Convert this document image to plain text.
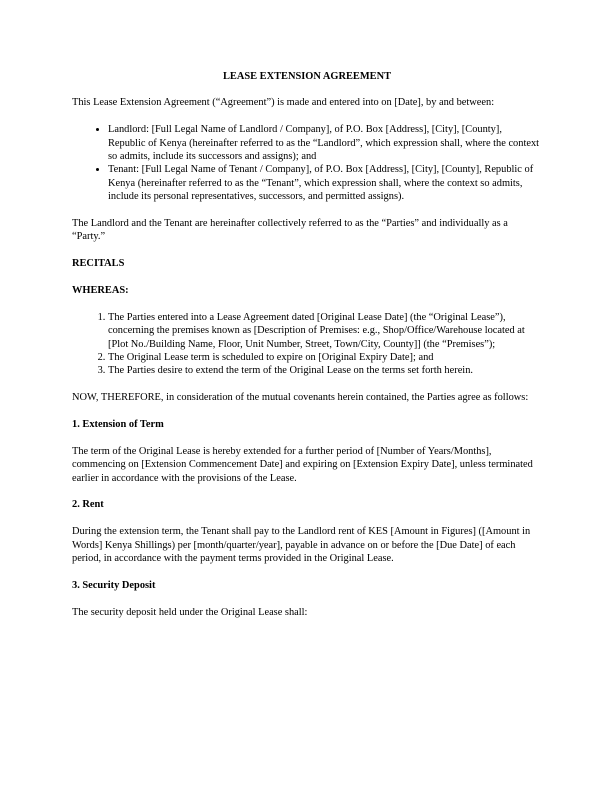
LEASE EXTENSION AGREEMENT

This Lease Extension Agreement (“Agreement”) is made and entered into on [Date], by and between:

• Landlord: [Full Legal Name of Landlord / Company], of P.O. Box [Address], [City], [County], Republic of Kenya (hereinafter referred to as the “Landlord”, which expression shall, where the context so admits, include its successors and assigns); and
• Tenant: [Full Legal Name of Tenant / Company], of P.O. Box [Address], [City], [County], Republic of Kenya (hereinafter referred to as the “Tenant”, which expression shall, where the context so admits, include its personal representatives, successors, and permitted assigns).

The Landlord and the Tenant are hereinafter collectively referred to as the “Parties” and individually as a “Party.”

RECITALS
WHEREAS:
1. The Parties entered into a Lease Agreement dated [Original Lease Date] (the “Original Lease”), concerning the premises known as [Description of Premises: e.g., Shop/Office/Warehouse located at [Plot No./Building Name, Floor, Unit Number, Street, Town/City, County]] (the “Premises”);
2. The Original Lease term is scheduled to expire on [Original Expiry Date]; and
3. The Parties desire to extend the term of the Original Lease on the terms set forth herein.

NOW, THEREFORE, in consideration of the mutual covenants herein contained, the Parties agree as follows:

1. Extension of Term

The term of the Original Lease is hereby extended for a further period of [Number of Years/Months], commencing on [Extension Commencement Date] and expiring on [Extension Expiry Date], unless terminated earlier in accordance with the provisions of the Lease.

2. Rent

During the extension term, the Tenant shall pay to the Landlord rent of KES [Amount in Figures] ([Amount in Words] Kenya Shillings) per [month/quarter/year], payable in advance on or before the [Due Date] of each period, in accordance with the payment terms provided in the Original Lease.

3. Security Deposit

The security deposit held under the Original Lease shall:
